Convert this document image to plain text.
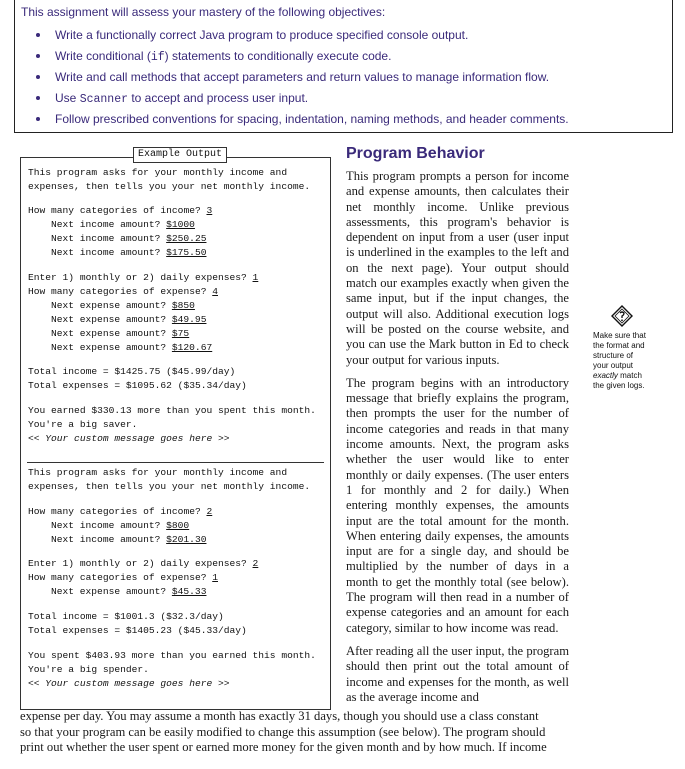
This assignment will assess your mastery of the following objectives:

Write a functionally correct Java program to produce specified console output.
Write conditional (if) statements to conditionally execute code.
Write and call methods that accept parameters and return values to manage information flow.
Use Scanner to accept and process user input.
Follow prescribed conventions for spacing, indentation, naming methods, and header comments.
Example Output
This program asks for your monthly income and
expenses, then tells you your net monthly income.
How many categories of income? 3
Next income amount? $1000
Next income amount? $250.25
Next income amount? $175.50
Enter 1) monthly or 2) daily expenses? 1
How many categories of expense? 4
Next expense amount? $850
Next expense amount? $49.95
Next expense amount? $75
Next expense amount? $120.67
Total income = $1425.75 ($45.99/day)
Total expenses = $1095.62 ($35.34/day)
You earned $330.13 more than you spent this month.
You're a big saver.
<< Your custom message goes here >>
This program asks for your monthly income and
expenses, then tells you your net monthly income.
How many categories of income? 2
Next income amount? $800
Next income amount? $201.30
Enter 1) monthly or 2) daily expenses? 2
How many categories of expense? 1
Next expense amount? $45.33
Total income = $1001.3 ($32.3/day)
Total expenses = $1405.23 ($45.33/day)
You spent $403.93 more than you earned this month.
You're a big spender.
<< Your custom message goes here >>
Program Behavior

This program prompts a person for income and expense amounts, then calculates their net monthly income. Unlike previous assessments, this program's behavior is dependent on input from a user (user input is underlined in the examples to the left and on the next page). Your output should match our examples exactly when given the same input, but if the input changes, the output will also. Additional execution logs will be posted on the course website, and you can use the Mark button in Ed to check your output for various inputs.

The program begins with an introductory message that briefly explains the program, then prompts the user for the number of income categories and reads in that many income amounts. Next, the program asks whether the user would like to enter monthly or daily expenses. (The user enters 1 for monthly and 2 for daily.) When entering monthly expenses, the amounts input are the total amount for the month. When entering daily expenses, the amounts input are for a single day, and should be multiplied by the number of days in a month to get the monthly total (see below). The program will then read in a number of expense categories and an amount for each category, similar to how income was read.

After reading all the user input, the program should then print out the total amount of income and expenses for the month, as well as the average income and

Make sure that
the format and
structure of
your output
exactly match
the given logs.
expense per day. You may assume a month has exactly 31 days, though you should use a class constant
so that your program can be easily modified to change this assumption (see below). The program should
print out whether the user spent or earned more money for the given month and by how much. If income
